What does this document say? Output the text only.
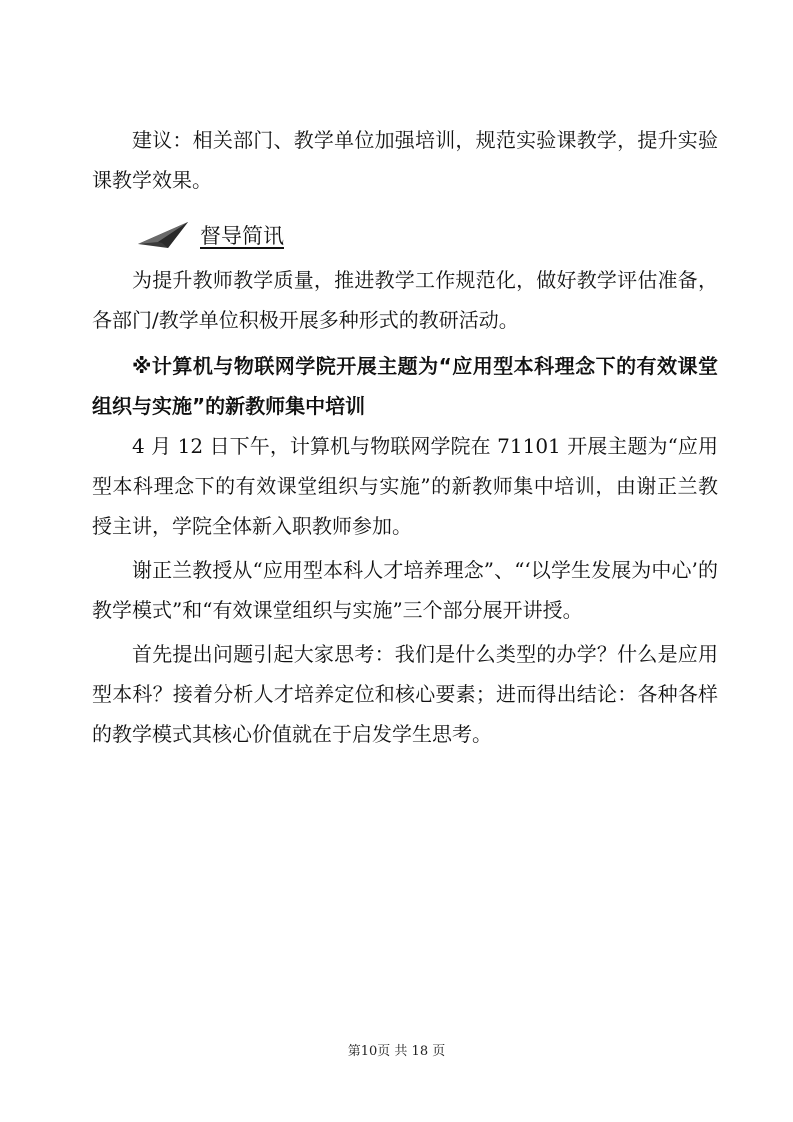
建议：相关部门、教学单位加强培训，规范实验课教学，提升实验课教学效果。

督导简讯

为提升教师教学质量，推进教学工作规范化，做好教学评估准备，各部门/教学单位积极开展多种形式的教研活动。

※计算机与物联网学院开展主题为“应用型本科理念下的有效课堂组织与实施”的新教师集中培训

4 月 12 日下午，计算机与物联网学院在 71101 开展主题为“应用型本科理念下的有效课堂组织与实施”的新教师集中培训，由谢正兰教授主讲，学院全体新入职教师参加。

谢正兰教授从“应用型本科人才培养理念”、“‘以学生发展为中心’的教学模式”和“有效课堂组织与实施”三个部分展开讲授。

首先提出问题引起大家思考：我们是什么类型的办学？什么是应用型本科？接着分析人才培养定位和核心要素；进而得出结论：各种各样的教学模式其核心价值就在于启发学生思考。

第10页 共 18 页
